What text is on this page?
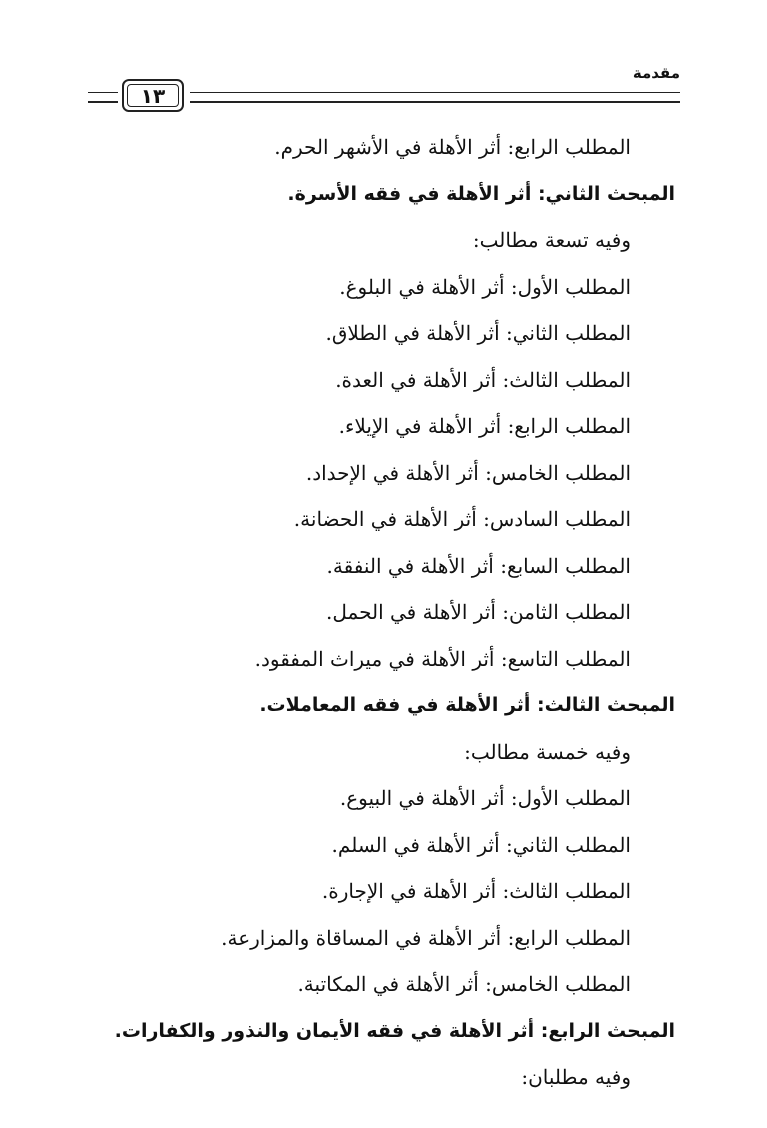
مقدمة
١٣
المطلب الرابع: أثر الأهلة في الأشهر الحرم.
المبحث الثاني: أثر الأهلة في فقه الأسرة.
وفيه تسعة مطالب:
المطلب الأول: أثر الأهلة في البلوغ.
المطلب الثاني: أثر الأهلة في الطلاق.
المطلب الثالث: أثر الأهلة في العدة.
المطلب الرابع: أثر الأهلة في الإيلاء.
المطلب الخامس: أثر الأهلة في الإحداد.
المطلب السادس: أثر الأهلة في الحضانة.
المطلب السابع: أثر الأهلة في النفقة.
المطلب الثامن: أثر الأهلة في الحمل.
المطلب التاسع: أثر الأهلة في ميراث المفقود.
المبحث الثالث: أثر الأهلة في فقه المعاملات.
وفيه خمسة مطالب:
المطلب الأول: أثر الأهلة في البيوع.
المطلب الثاني: أثر الأهلة في السلم.
المطلب الثالث: أثر الأهلة في الإجارة.
المطلب الرابع: أثر الأهلة في المساقاة والمزارعة.
المطلب الخامس: أثر الأهلة في المكاتبة.
المبحث الرابع: أثر الأهلة في فقه الأيمان والنذور والكفارات.
وفيه مطلبان:
